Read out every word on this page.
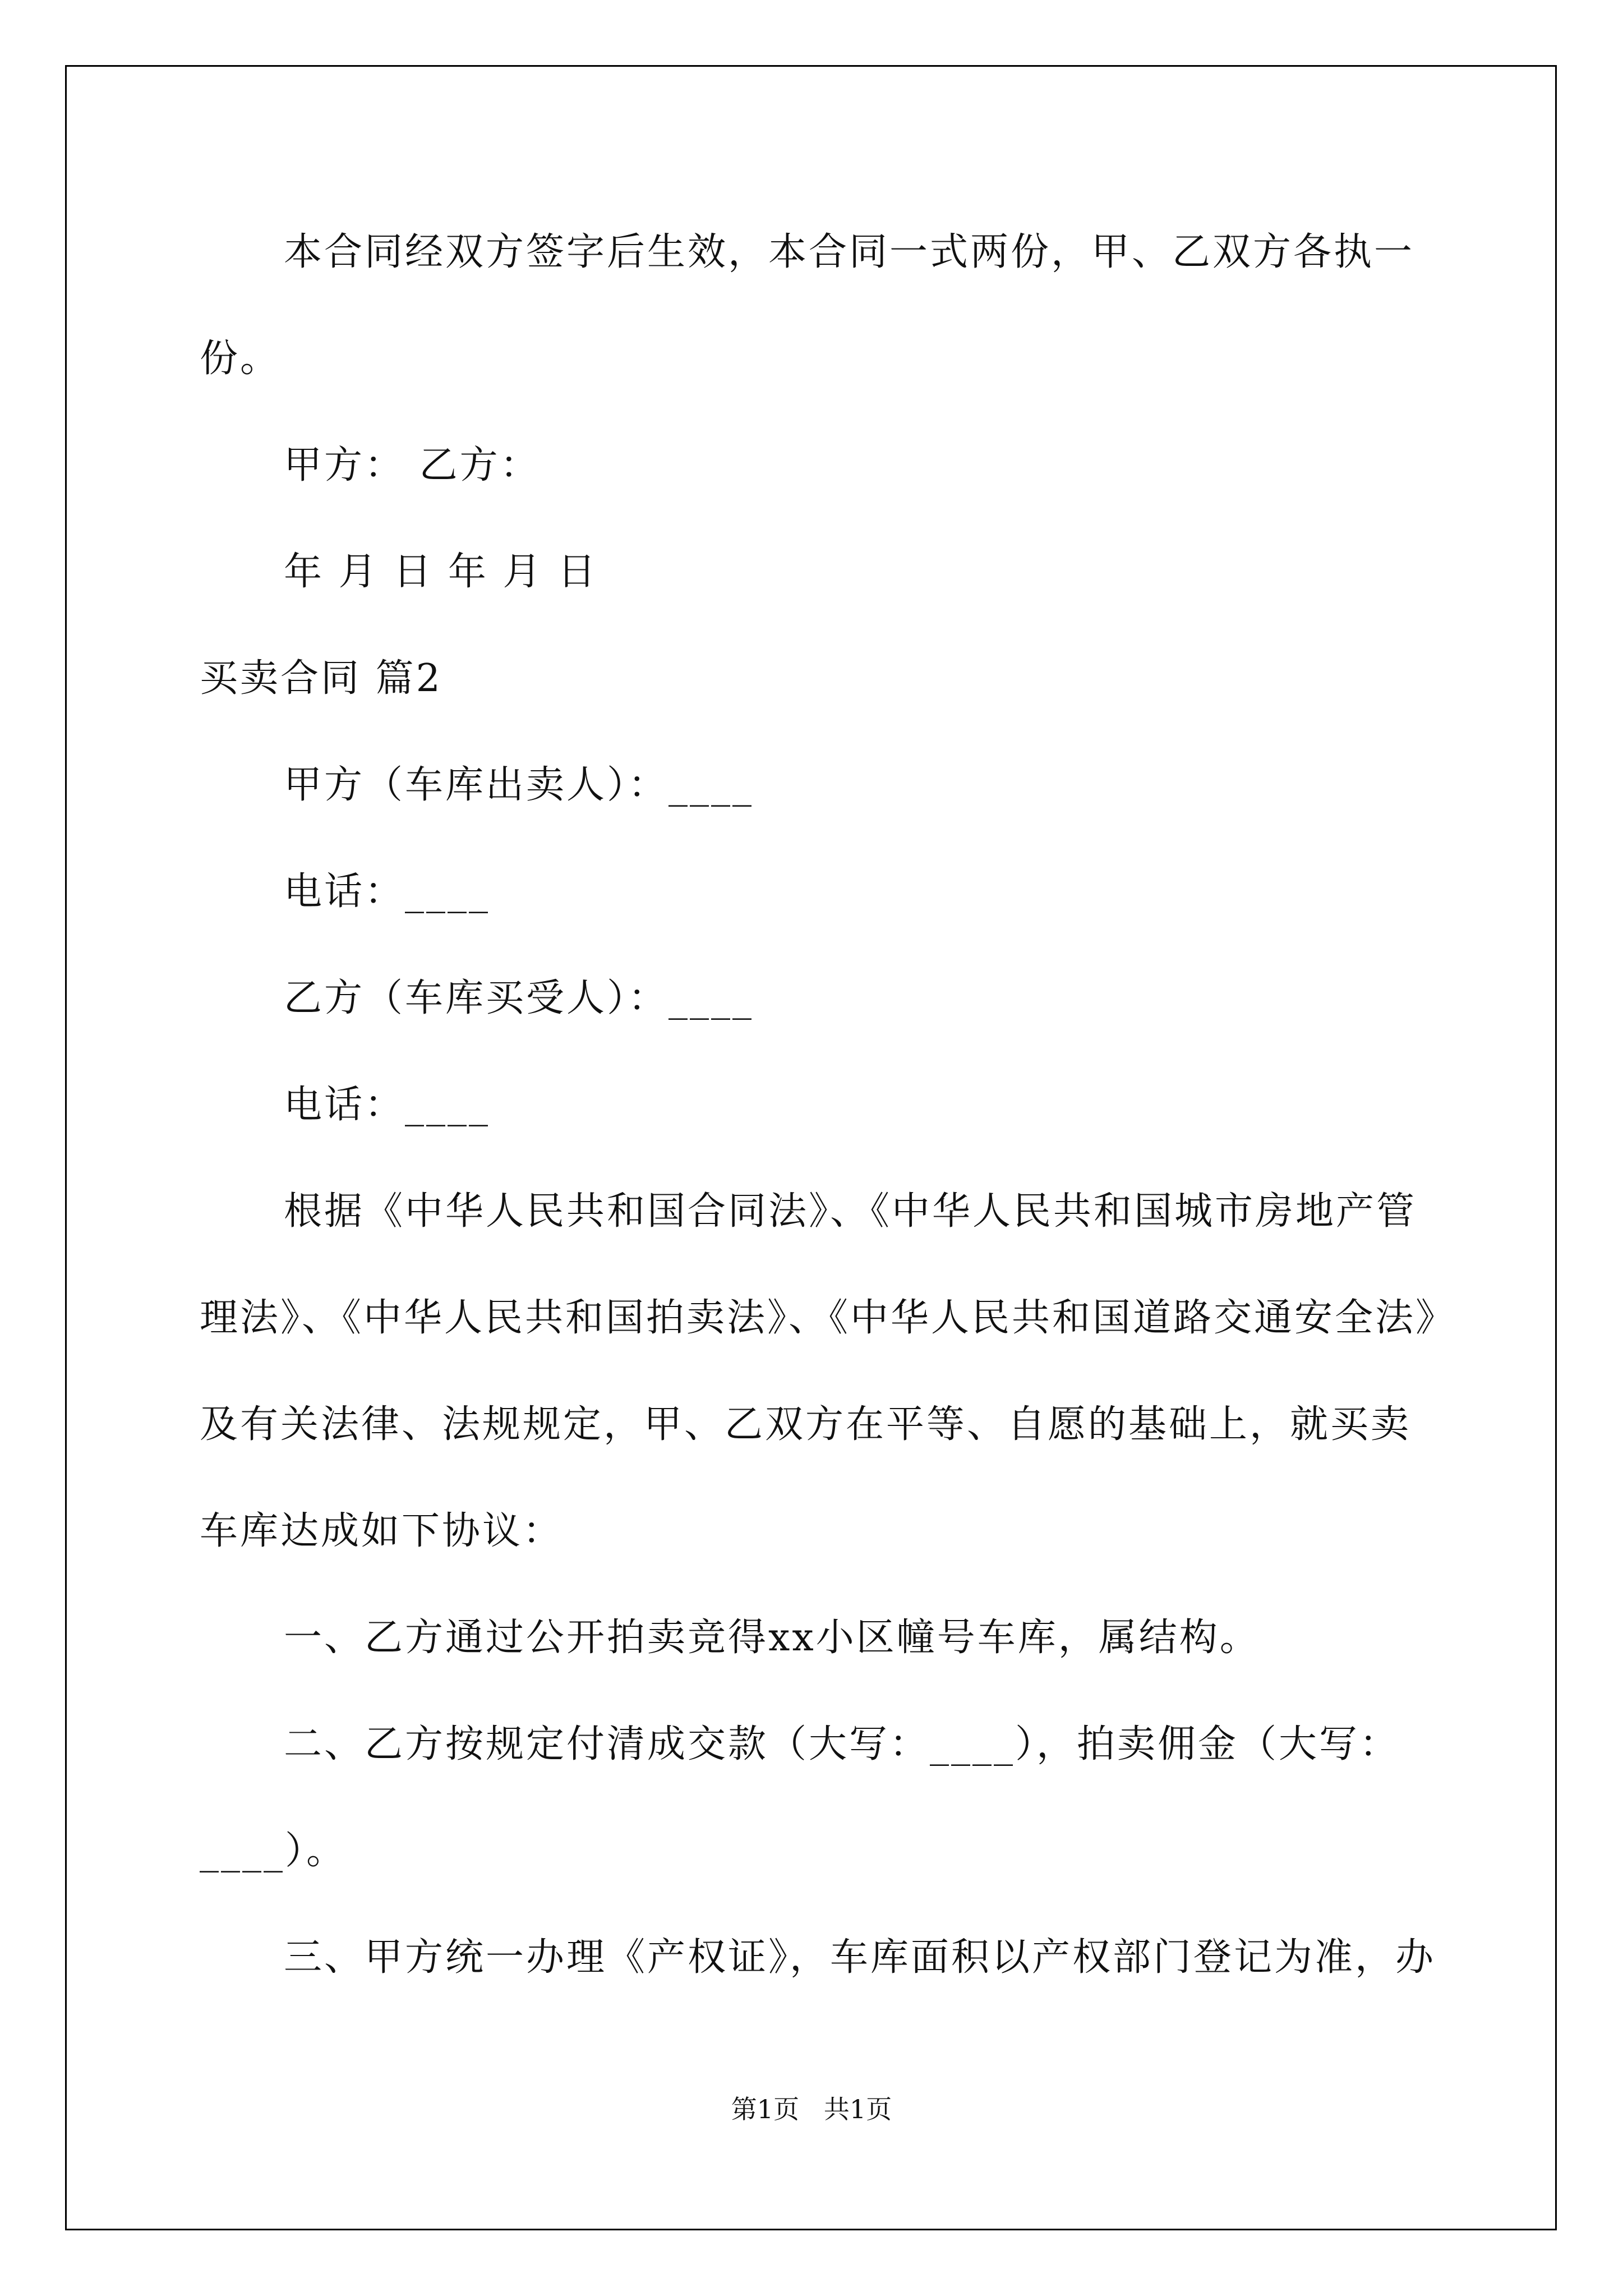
本合同经双方签字后生效，本合同一式两份，甲、乙双方各执一
份。
甲方： 乙方：
年 月 日 年 月 日
买卖合同 篇2
甲方（车库出卖人）：____
电话：____
乙方（车库买受人）：____
电话：____
根据《中华人民共和国合同法》、《中华人民共和国城市房地产管
理法》、《中华人民共和国拍卖法》、《中华人民共和国道路交通安全法》
及有关法律、法规规定，甲、乙双方在平等、自愿的基础上，就买卖
车库达成如下协议：
一、乙方通过公开拍卖竞得xx小区幢号车库，属结构。
二、乙方按规定付清成交款（大写：____），拍卖佣金（大写：
____）。
三、甲方统一办理《产权证》，车库面积以产权部门登记为准，办
第1页   共1页
